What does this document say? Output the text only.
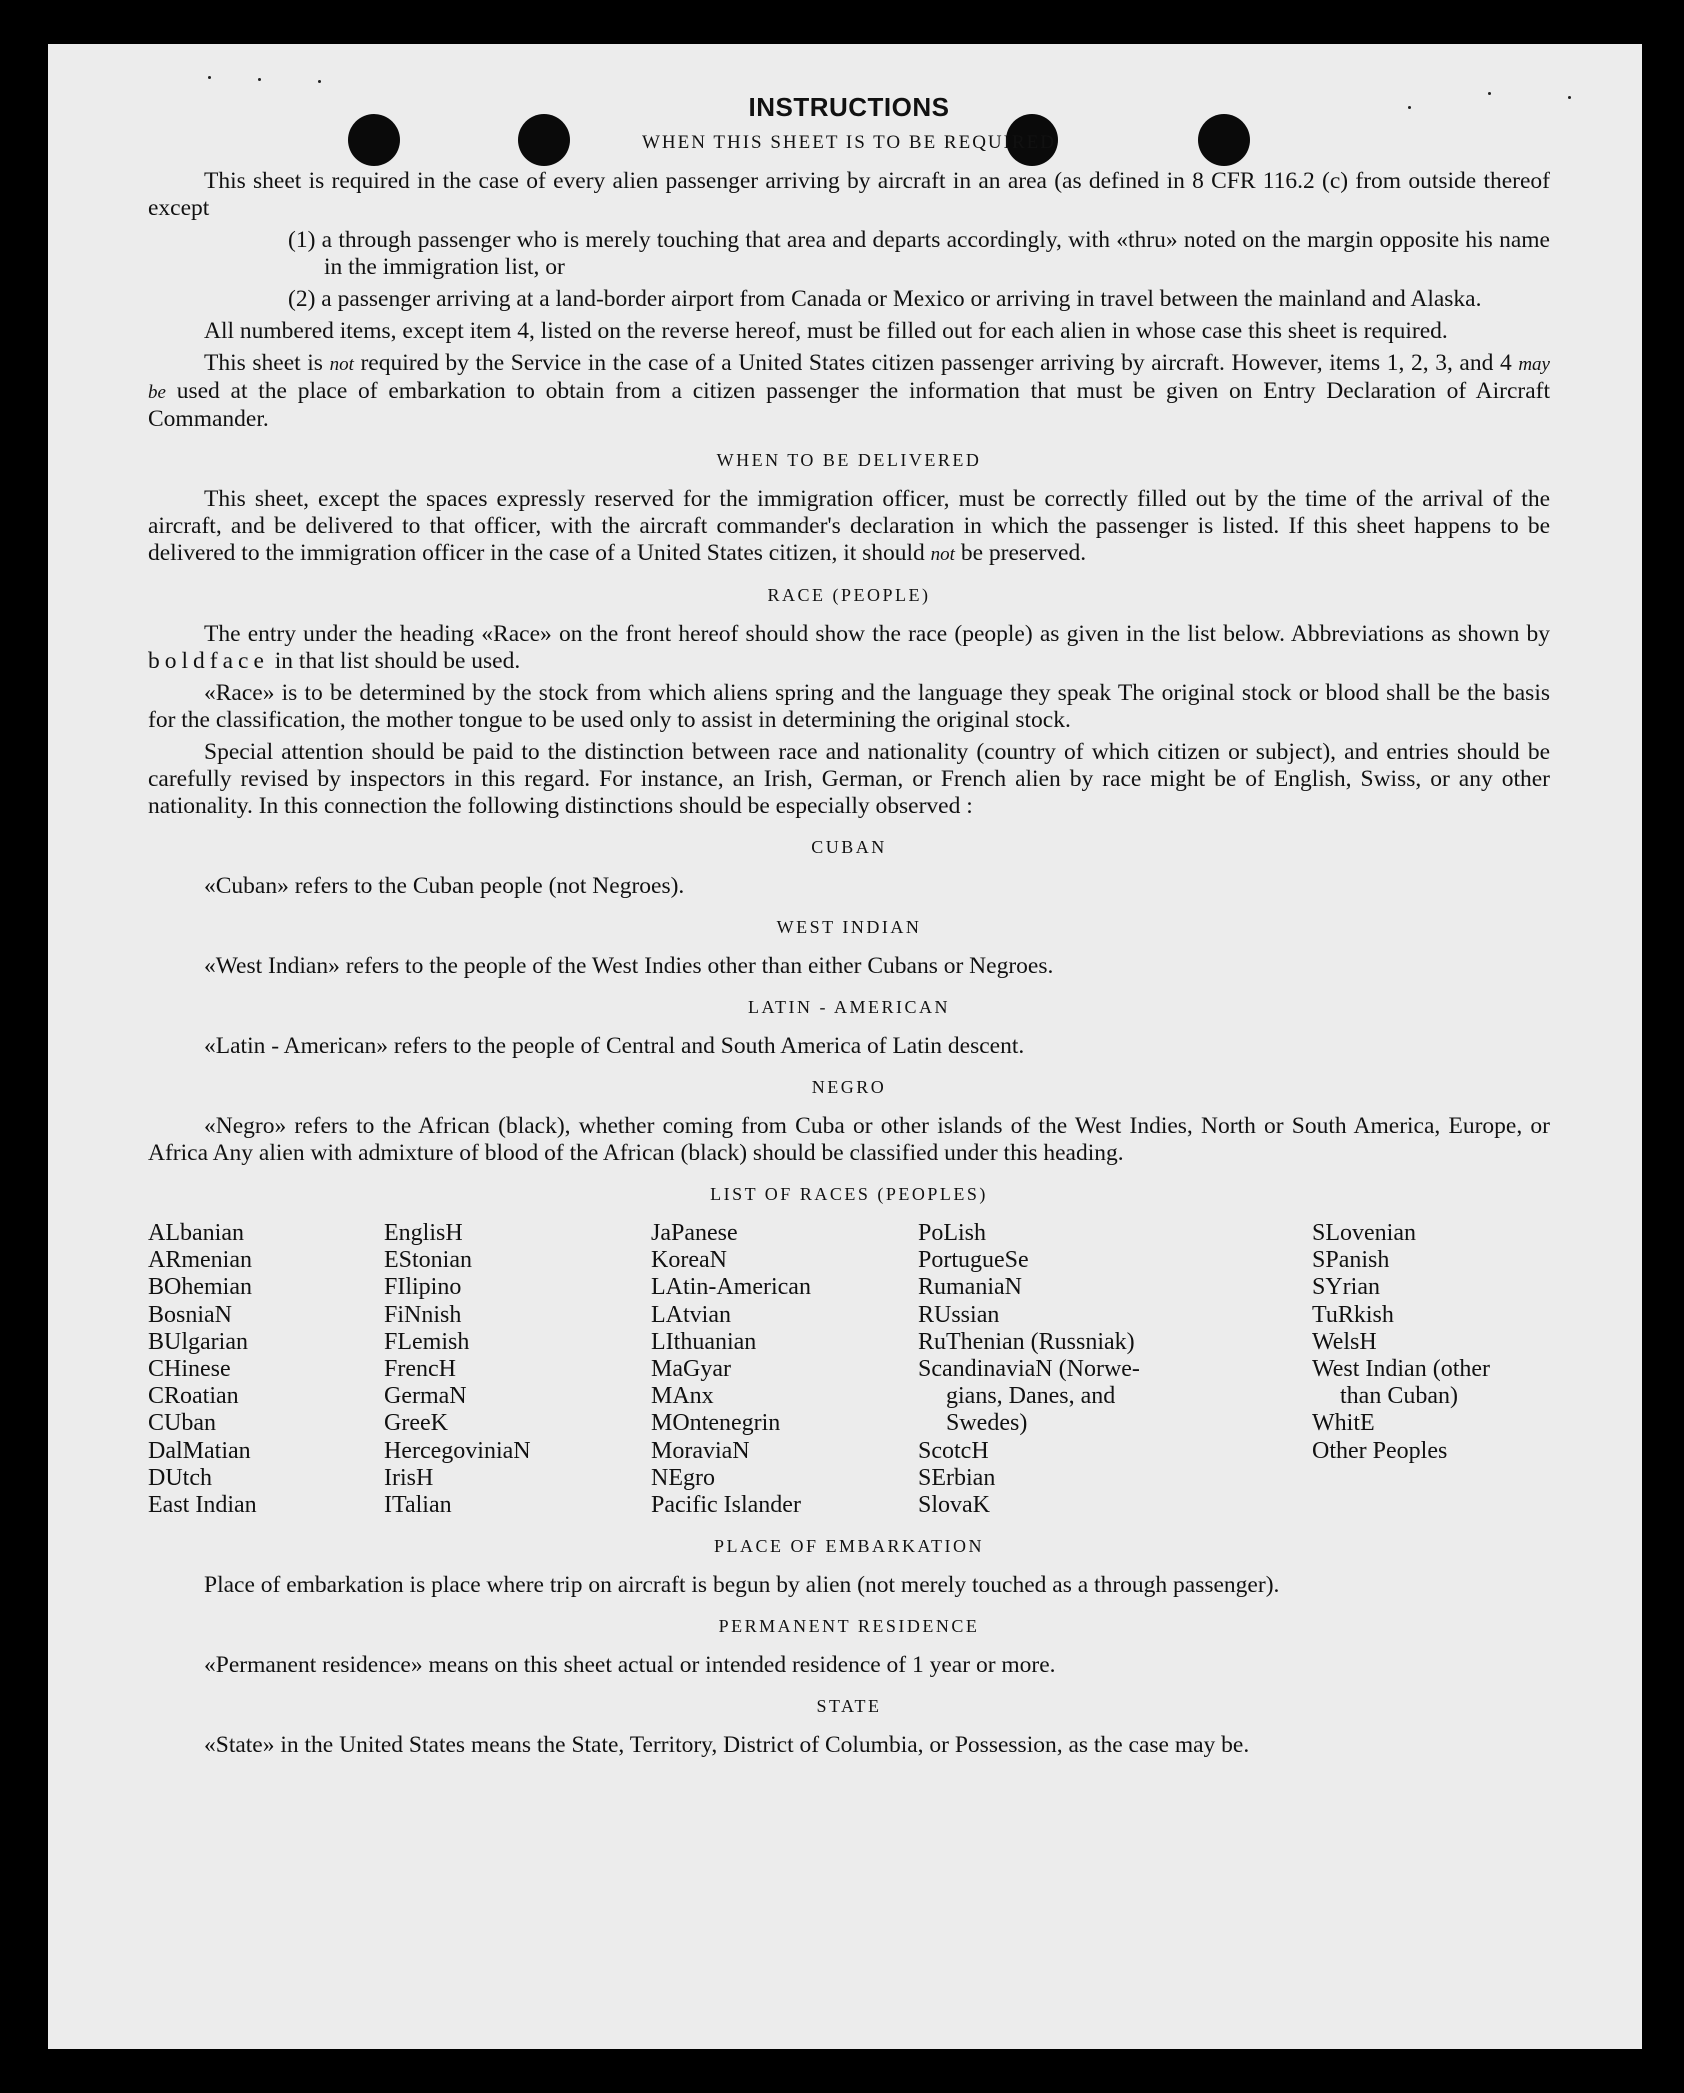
INSTRUCTIONS
WHEN THIS SHEET IS TO BE REQUIRED

This sheet is required in the case of every alien passenger arriving by aircraft in an area (as defined in 8 CFR 116.2 (c) from outside thereof except

(1) a through passenger who is merely touching that area and departs accordingly, with «thru» noted on the margin opposite his name in the immigration list, or

(2) a passenger arriving at a land-border airport from Canada or Mexico or arriving in travel between the mainland and Alaska.

All numbered items, except item 4, listed on the reverse hereof, must be filled out for each alien in whose case this sheet is required.

This sheet is not required by the Service in the case of a United States citizen passenger arriving by aircraft. However, items 1, 2, 3, and 4 may be used at the place of embarkation to obtain from a citizen passenger the information that must be given on Entry Declaration of Aircraft Commander.

WHEN TO BE DELIVERED

This sheet, except the spaces expressly reserved for the immigration officer, must be correctly filled out by the time of the arrival of the aircraft, and be delivered to that officer, with the aircraft commander's declaration in which the passenger is listed. If this sheet happens to be delivered to the immigration officer in the case of a United States citizen, it should not be preserved.

RACE (PEOPLE)

The entry under the heading «Race» on the front hereof should show the race (people) as given in the list below. Abbreviations as shown by boldface in that list should be used.

«Race» is to be determined by the stock from which aliens spring and the language they speak The original stock or blood shall be the basis for the classification, the mother tongue to be used only to assist in determining the original stock.

Special attention should be paid to the distinction between race and nationality (country of which citizen or subject), and entries should be carefully revised by inspectors in this regard. For instance, an Irish, German, or French alien by race might be of English, Swiss, or any other nationality. In this connection the following distinctions should be especially observed :

CUBAN

«Cuban» refers to the Cuban people (not Negroes).

WEST INDIAN

«West Indian» refers to the people of the West Indies other than either Cubans or Negroes.

LATIN - AMERICAN

«Latin - American» refers to the people of Central and South America of Latin descent.

NEGRO

«Negro» refers to the African (black), whether coming from Cuba or other islands of the West Indies, North or South America, Europe, or Africa Any alien with admixture of blood of the African (black) should be classified under this heading.

LIST OF RACES (PEOPLES)
ALbanian
ARmenian
BOhemian
BosniaN
BUlgarian
CHinese
CRoatian
CUban
DalMatian
DUtch
East Indian
EnglisH
EStonian
FIlipino
FiNnish
FLemish
FrencH
GermaN
GreeK
HercegoviniaN
IrisH
ITalian
JaPanese
KoreaN
LAtin-American
LAtvian
LIthuanian
MaGyar
MAnx
MOntenegrin
MoraviaN
NEgro
Pacific Islander
PoLish
PortugueSe
RumaniaN
RUssian
RuThenian (Russniak)
ScandinaviaN (Norwe-
gians, Danes, and
Swedes)
ScotcH
SErbian
SlovaK
SLovenian
SPanish
SYrian
TuRkish
WelsH
West Indian (other
than Cuban)
WhitE
Other Peoples
PLACE OF EMBARKATION

Place of embarkation is place where trip on aircraft is begun by alien (not merely touched as a through passenger).

PERMANENT RESIDENCE

«Permanent residence» means on this sheet actual or intended residence of 1 year or more.

STATE

«State» in the United States means the State, Territory, District of Columbia, or Possession, as the case may be.
